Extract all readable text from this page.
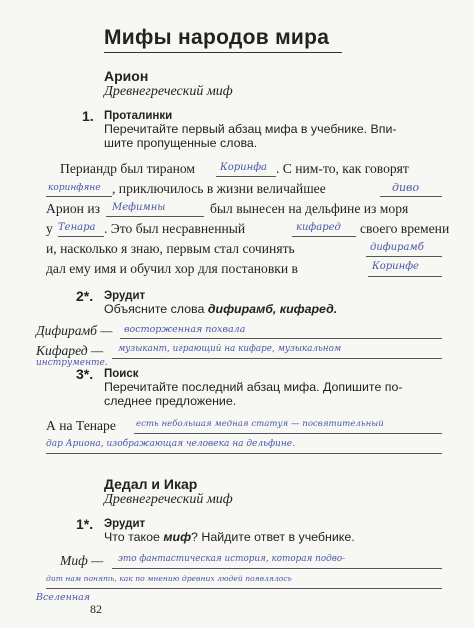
Мифы народов мира
Арион
Древнегреческий миф
1. Проталинки
Перечитайте первый абзац мифа в учебнике. Впи-
шите пропущенные слова.
Периандр был тираном Коринфа . С ним-то, как говорят
коринфяне , приключилось в жизни величайшее	диво
Арион из Мефимны	был вынесен на дельфине из моря
у Тенара . Это был несравненный	кифаред своего времени
и, насколько я знаю, первым стал сочинять	дифирамб
дал ему имя и обучил хор для постановки в	Коринфе
2*. Эрудит
Объясните слова дифирамб, кифаред.
Дифирамб — восторженная похвала
Кифаред — музыкант, играющий на кифаре, музыкальном
инструменте.
3*. Поиск
Перечитайте последний абзац мифа. Допишите по-
следнее предложение.
А на Тенаре есть небольшая медная статуя — посвятительный
дар Ариона, изображающая человека на дельфине.
Дедал и Икар
Древнегреческий миф
1*. Эрудит
Что такое миф? Найдите ответ в учебнике.
Миф — это фантастическая история, которая подво-
дит нам понять, как по мнению древних людей появлялось
Вселенная
82
